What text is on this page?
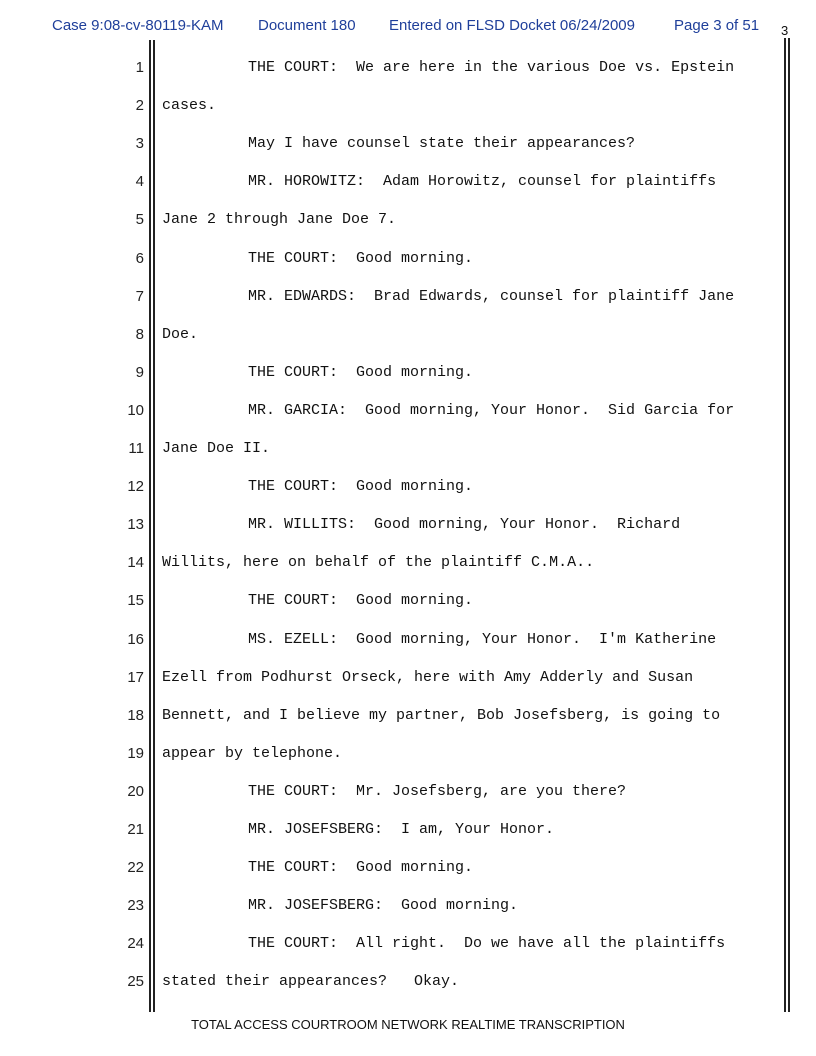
Case 9:08-cv-80119-KAM Document 180 Entered on FLSD Docket 06/24/2009	Page 3 of 51 3
1	THE COURT:  We are here in the various Doe vs. Epstein
2 cases.
3	May I have counsel state their appearances?
4	MR. HOROWITZ:  Adam Horowitz, counsel for plaintiffs
5 Jane 2 through Jane Doe 7.
6	THE COURT:  Good morning.
7	MR. EDWARDS:  Brad Edwards, counsel for plaintiff Jane
8 Doe.
9	THE COURT:  Good morning.
10	MR. GARCIA:  Good morning, Your Honor.  Sid Garcia for
11 Jane Doe II.
12	THE COURT:  Good morning.
13	MR. WILLITS:  Good morning, Your Honor.  Richard
14 Willits, here on behalf of the plaintiff C.M.A..
15	THE COURT:  Good morning.
16	MS. EZELL:  Good morning, Your Honor.  I'm Katherine
17 Ezell from Podhurst Orseck, here with Amy Adderly and Susan
18 Bennett, and I believe my partner, Bob Josefsberg, is going to
19 appear by telephone.
20	THE COURT:  Mr. Josefsberg, are you there?
21	MR. JOSEFSBERG:  I am, Your Honor.
22	THE COURT:  Good morning.
23	MR. JOSEFSBERG:  Good morning.
24	THE COURT:  All right.  Do we have all the plaintiffs
25 stated their appearances?   Okay.
TOTAL ACCESS COURTROOM NETWORK REALTIME TRANSCRIPTION
